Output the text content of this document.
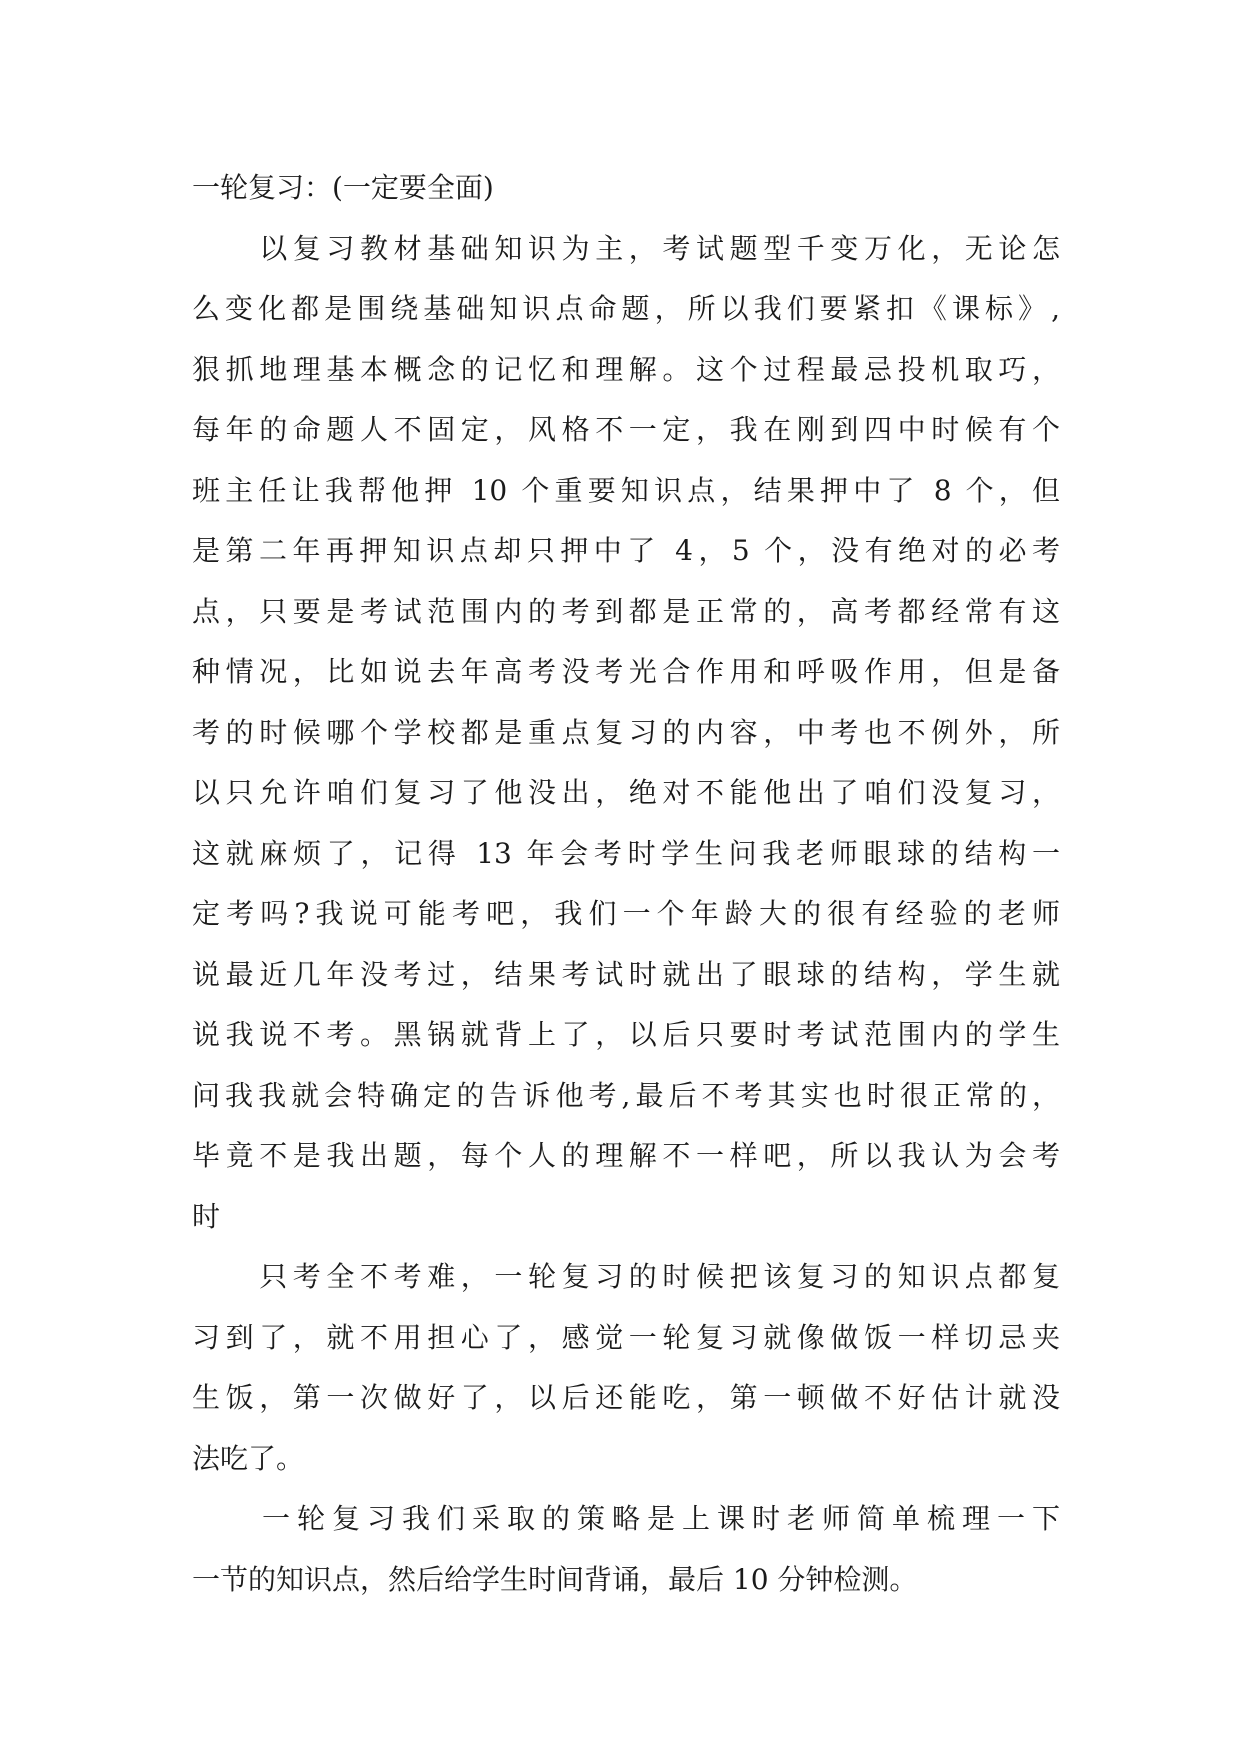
一轮复习：(一定要全面)
　　以复习教材基础知识为主，考试题型千变万化，无论怎
么变化都是围绕基础知识点命题，所以我们要紧扣《课标》,
狠抓地理基本概念的记忆和理解。这个过程最忌投机取巧，
每年的命题人不固定，风格不一定，我在刚到四中时候有个
班主任让我帮他押 10 个重要知识点，结果押中了 8 个，但
是第二年再押知识点却只押中了 4，5 个，没有绝对的必考
点，只要是考试范围内的考到都是正常的，高考都经常有这
种情况，比如说去年高考没考光合作用和呼吸作用，但是备
考的时候哪个学校都是重点复习的内容，中考也不例外，所
以只允许咱们复习了他没出，绝对不能他出了咱们没复习，
这就麻烦了，记得 13 年会考时学生问我老师眼球的结构一
定考吗?我说可能考吧，我们一个年龄大的很有经验的老师
说最近几年没考过，结果考试时就出了眼球的结构，学生就
说我说不考。黑锅就背上了，以后只要时考试范围内的学生
问我我就会特确定的告诉他考,最后不考其实也时很正常的，
毕竟不是我出题，每个人的理解不一样吧，所以我认为会考
时
　　只考全不考难，一轮复习的时候把该复习的知识点都复
习到了，就不用担心了，感觉一轮复习就像做饭一样切忌夹
生饭，第一次做好了，以后还能吃，第一顿做不好估计就没
法吃了。
　　一轮复习我们采取的策略是上课时老师简单梳理一下
一节的知识点，然后给学生时间背诵，最后 10 分钟检测。
